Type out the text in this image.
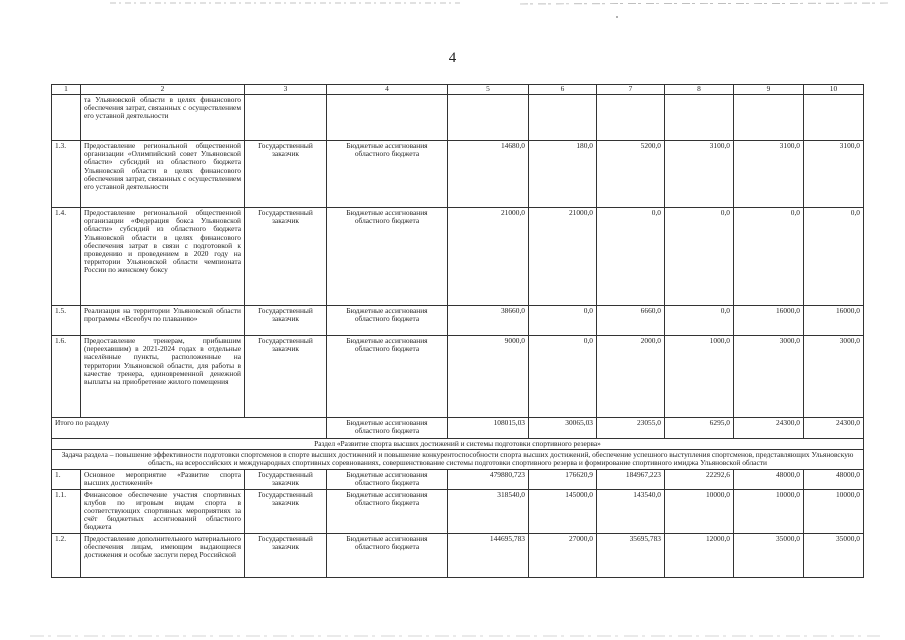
4
1	2	3	4	5	6	7	8	9	10
	та Ульяновской области в целях финансового обеспечения затрат, связанных с осуществлением его уставной деятельности								
1.3.	Предоставление региональной общественной организации «Олимпийский совет Ульяновской области» субсидий из областного бюджета Ульяновской области в целях финансового обеспечения затрат, связанных с осуществлением его уставной деятельности	Государственный заказчик	Бюджетные ассигнования областного бюджета	14680,0	180,0	5200,0	3100,0	3100,0	3100,0
1.4.	Предоставление региональной общественной организации «Федерация бокса Ульяновской области» субсидий из областного бюджета Ульяновской области в целях финансового обеспечения затрат в связи с подготовкой к проведению и проведением в 2020 году на территории Ульяновской области чемпионата России по женскому боксу	Государственный заказчик	Бюджетные ассигнования областного бюджета	21000,0	21000,0	0,0	0,0	0,0	0,0
1.5.	Реализация на территории Ульяновской области программы «Всеобуч по плаванию»	Государственный заказчик	Бюджетные ассигнования областного бюджета	38660,0	0,0	6660,0	0,0	16000,0	16000,0
1.6.	Предоставление тренерам, прибывшим (переехавшим) в 2021-2024 годах в отдельные населённые пункты, расположенные на территории Ульяновской области, для работы в качестве тренера, единовременной денежной выплаты на приобретение жилого помещения	Государственный заказчик	Бюджетные ассигнования областного бюджета	9000,0	0,0	2000,0	1000,0	3000,0	3000,0
Итого по разделу			Бюджетные ассигнования областного бюджета	108015,03	30065,03	23055,0	6295,0	24300,0	24300,0
Раздел «Развитие спорта высших достижений и системы подготовки спортивного резерва»									
Задача раздела – повышение эффективности подготовки спортсменов в спорте высших достижений и повышение конкурентоспособности спорта высших достижений, обеспечение успешного выступления спортсменов, представляющих Ульяновскую область, на всероссийских и международных спортивных соревнованиях, совершенствование системы подготовки спортивного резерва и формирование спортивного имиджа Ульяновской области									
1.	Основное мероприятие «Развитие спорта высших достижений»	Государственный заказчик	Бюджетные ассигнования областного бюджета	479880,723	176620,9	184967,223	22292,6	48000,0	48000,0
1.1.	Финансовое обеспечение участия спортивных клубов по игровым видам спорта в соответствующих спортивных мероприятиях за счёт бюджетных ассигнований областного бюджета	Государственный заказчик	Бюджетные ассигнования областного бюджета	318540,0	145000,0	143540,0	10000,0	10000,0	10000,0
1.2.	Предоставление дополнительного материального обеспечения лицам, имеющим выдающиеся достижения и особые заслуги перед Российской	Государственный заказчик	Бюджетные ассигнования областного бюджета	144695,783	27000,0	35695,783	12000,0	35000,0	35000,0
